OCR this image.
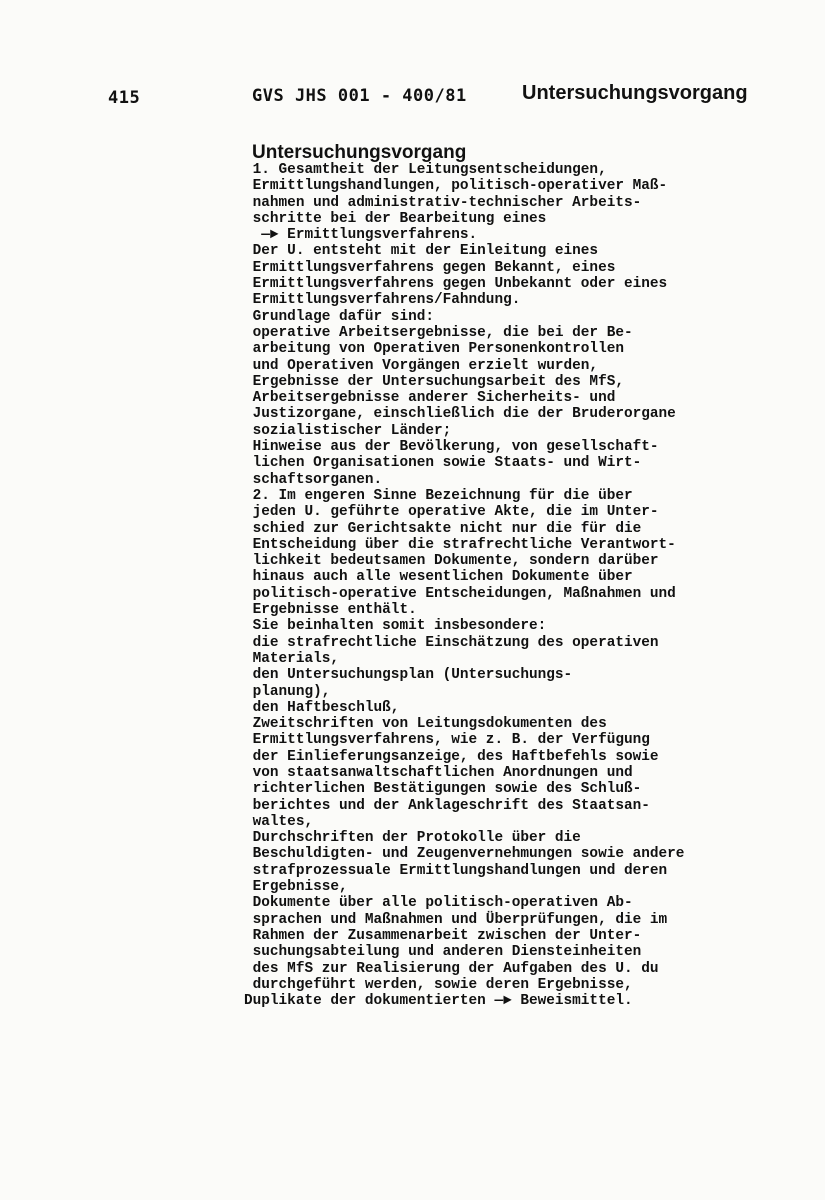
415	GVS JHS 001 - 400/81	Untersuchungsvorgang
Untersuchungsvorgang
1. Gesamtheit der Leitungsentscheidungen,
Ermittlungshandlungen, politisch-operativer Maß-
nahmen und administrativ-technischer Arbeits-
schritte bei der Bearbeitung eines
—► Ermittlungsverfahrens.
Der U. entsteht mit der Einleitung eines
Ermittlungsverfahrens gegen Bekannt, eines
Ermittlungsverfahrens gegen Unbekannt oder eines
Ermittlungsverfahrens/Fahndung.
Grundlage dafür sind:
operative Arbeitsergebnisse, die bei der Be-
arbeitung von Operativen Personenkontrollen
und Operativen Vorgängen erzielt wurden,
Ergebnisse der Untersuchungsarbeit des MfS,
Arbeitsergebnisse anderer Sicherheits- und
Justizorgane, einschließlich die der Bruderorgane
sozialistischer Länder;
Hinweise aus der Bevölkerung, von gesellschaft-
lichen Organisationen sowie Staats- und Wirt-
schaftsorganen.
2. Im engeren Sinne Bezeichnung für die über
jeden U. geführte operative Akte, die im Unter-
schied zur Gerichtsakte nicht nur die für die
Entscheidung über die strafrechtliche Verantwort-
lichkeit bedeutsamen Dokumente, sondern darüber
hinaus auch alle wesentlichen Dokumente über
politisch-operative Entscheidungen, Maßnahmen und
Ergebnisse enthält.
Sie beinhalten somit insbesondere:
die strafrechtliche Einschätzung des operativen
Materials,
den Untersuchungsplan (Untersuchungs-
planung),
den Haftbeschluß,
Zweitschriften von Leitungsdokumenten des
Ermittlungsverfahrens, wie z. B. der Verfügung
der Einlieferungsanzeige, des Haftbefehls sowie
von staatsanwaltschaftlichen Anordnungen und
richterlichen Bestätigungen sowie des Schluß-
berichtes und der Anklageschrift des Staatsan-
waltes,
Durchschriften der Protokolle über die
Beschuldigten- und Zeugenvernehmungen sowie andere
strafprozessuale Ermittlungshandlungen und deren
Ergebnisse,
Dokumente über alle politisch-operativen Ab-
sprachen und Maßnahmen und Überprüfungen, die im
Rahmen der Zusammenarbeit zwischen der Unter-
suchungsabteilung und anderen Diensteinheiten
des MfS zur Realisierung der Aufgaben des U. du
durchgeführt werden, sowie deren Ergebnisse,
Duplikate der dokumentierten —► Beweismittel.
